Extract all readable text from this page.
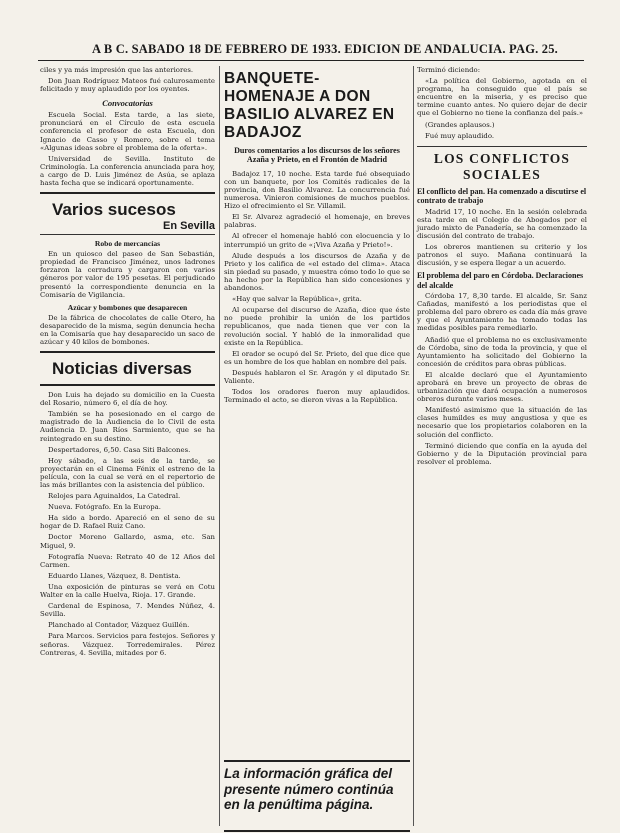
A B C. SABADO 18 DE FEBRERO DE 1933. EDICION DE ANDALUCIA. PAG. 25.

ciles y ya más impresión que las anteriores.

Don Juan Rodríguez Mateos fué calurosamente felicitado y muy aplaudido por los oyentes.

Convocatorias

Escuela Social. Esta tarde, a las siete, pronunciará en el Círculo de esta escuela conferencia el profesor de esta Escuela, don Ignacio de Casso y Romero, sobre el tema «Algunas ideas sobre el problema de la oferta».

Universidad de Sevilla. Instituto de Criminología. La conferencia anunciada para hoy, a cargo de D. Luis Jiménez de Asúa, se aplaza hasta fecha que se indicará oportunamente.

Varios sucesos
En Sevilla
Robo de mercancías

En un quiosco del paseo de San Sebastián, propiedad de Francisco Jiménez, unos ladrones forzaron la cerradura y cargaron con varios géneros por valor de 195 pesetas. El perjudicado presentó la correspondiente denuncia en la Comisaría de Vigilancia.

Azúcar y bombones que desaparecen

De la fábrica de chocolates de calle Otero, ha desaparecido de la misma, según denuncia hecha en la Comisaría que hay desaparecido un saco de azúcar y 40 kilos de bombones.

Noticias diversas

Don Luis ha dejado su domicilio en la Cuesta del Rosario, número 6, el día de hoy.

También se ha posesionado en el cargo de magistrado de la Audiencia de lo Civil de esta Audiencia D. Juan Ríos Sarmiento, que se ha reintegrado en su destino.

Despertadores, 6,50. Casa Siti Balcones.

Hoy sábado, a las seis de la tarde, se proyectarán en el Cinema Fénix el estreno de la película, con la cual se verá en el repertorio de las más brillantes con la asistencia del público.

Relojes para Aguinaldos, La Catedral.

Nueva. Fotógrafo. En la Europa.

Ha sido a bordo. Apareció en el seno de su hogar de D. Rafael Ruiz Cano.

Doctor Moreno Gallardo, asma, etc. San Miguel, 9.

Fotografía Nueva: Retrato 40 de 12 Años del Carmen.

Eduardo Llanes, Vázquez, 8. Dentista.

Una exposición de pinturas se verá en Cotu Walter en la calle Huelva, Rioja. 17. Grande.

Cardenal de Espinosa, 7. Mendes Núñez, 4. Sevilla.

Planchado al Contador, Vázquez Guillén.

Para Marcos. Servicios para festejos. Señores y señoras. Vázquez. Torredemirales. Pérez Contreras, 4. Sevilla, mitades por 6.

BANQUETE-HOMENAJE A DON BASILIO ALVAREZ EN BADAJOZ
Duros comentarios a los discursos de los señores Azaña y Prieto, en el Frontón de Madrid

Badajoz 17, 10 noche. Esta tarde fué obsequiado con un banquete, por los Comités radicales de la provincia, don Basilio Alvarez. La concurrencia fué numerosa. Vinieron comisiones de muchos pueblos. Hizo el ofrecimiento el Sr. Villamil.

El Sr. Alvarez agradeció el homenaje, en breves palabras.

Al ofrecer el homenaje habló con elocuencia y lo interrumpió un grito de «¡Viva Azaña y Prieto!».

Alude después a los discursos de Azaña y de Prieto y los califica de «el estado del clima». Ataca sin piedad su pasado, y muestra cómo todo lo que se ha hecho por la República han sido concesiones y abandonos.

«Hay que salvar la República», grita.

Al ocuparse del discurso de Azaña, dice que éste no puede prohibir la unión de los partidos republicanos, que nada tienen que ver con la revolución social. Y habló de la inmoralidad que existe en la República.

El orador se ocupó del Sr. Prieto, del que dice que es un hombre de los que hablan en nombre del país.

Después hablaron el Sr. Aragón y el diputado Sr. Valiente.

Todos los oradores fueron muy aplaudidos. Terminado el acto, se dieron vivas a la República.

La información gráfica del presente número continúa en la penúltima página.

Terminó diciendo:

«La política del Gobierno, agotada en el programa, ha conseguido que el país se encuentre en la miseria, y es preciso que termine cuanto antes. No quiero dejar de decir que el Gobierno no tiene la confianza del país.»

(Grandes aplausos.)

Fué muy aplaudido.

LOS CONFLICTOS SOCIALES
El conflicto del pan. Ha comenzado a discutirse el contrato de trabajo

Madrid 17, 10 noche. En la sesión celebrada esta tarde en el Colegio de Abogados por el jurado mixto de Panadería, se ha comenzado la discusión del contrato de trabajo.

Los obreros mantienen su criterio y los patronos el suyo. Mañana continuará la discusión, y se espera llegar a un acuerdo.

El problema del paro en Córdoba. Declaraciones del alcalde

Córdoba 17, 8,30 tarde. El alcalde, Sr. Sanz Cañadas, manifestó a los periodistas que el problema del paro obrero es cada día más grave y que el Ayuntamiento ha tomado todas las medidas posibles para remediarlo.

Añadió que el problema no es exclusivamente de Córdoba, sino de toda la provincia, y que el Ayuntamiento ha solicitado del Gobierno la concesión de créditos para obras públicas.

El alcalde declaró que el Ayuntamiento aprobará en breve un proyecto de obras de urbanización que dará ocupación a numerosos obreros durante varios meses.

Manifestó asimismo que la situación de las clases humildes es muy angustiosa y que es necesario que los propietarios colaboren en la solución del conflicto.

Terminó diciendo que confía en la ayuda del Gobierno y de la Diputación provincial para resolver el problema.
